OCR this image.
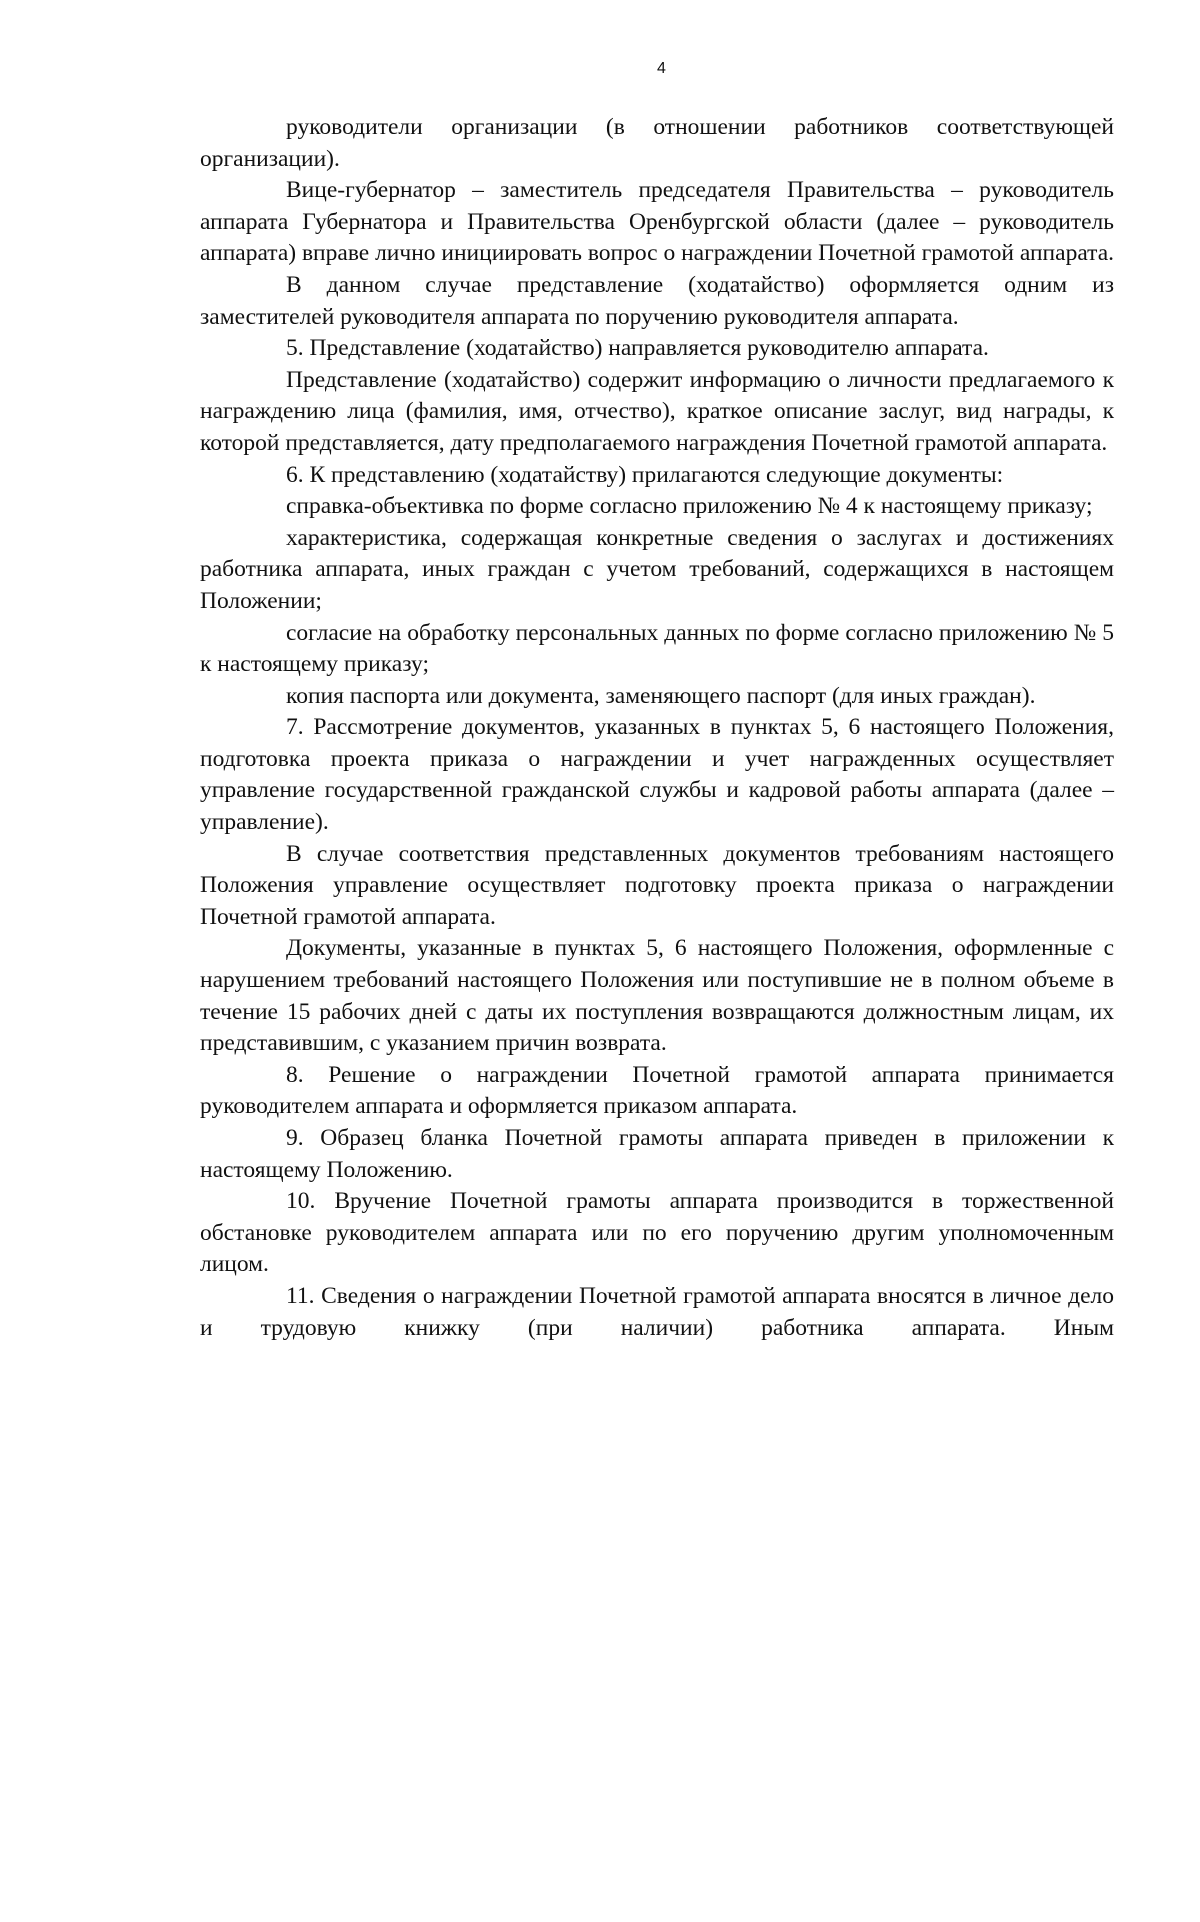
4

руководители организации (в отношении работников соответствующей организации).

Вице-губернатор – заместитель председателя Правительства – руководитель аппарата Губернатора и Правительства Оренбургской области (далее – руководитель аппарата) вправе лично инициировать вопрос о награждении Почетной грамотой аппарата.

В данном случае представление (ходатайство) оформляется одним из заместителей руководителя аппарата по поручению руководителя аппарата.

5. Представление (ходатайство) направляется руководителю аппарата.

Представление (ходатайство) содержит информацию о личности предлагаемого к награждению лица (фамилия, имя, отчество), краткое описание заслуг, вид награды, к которой представляется, дату предполагаемого награждения Почетной грамотой аппарата.

6. К представлению (ходатайству) прилагаются следующие документы:

справка-объективка по форме согласно приложению № 4 к настоящему приказу;

характеристика, содержащая конкретные сведения о заслугах и достижениях работника аппарата, иных граждан с учетом требований, содержащихся в настоящем Положении;

согласие на обработку персональных данных по форме согласно приложению № 5 к настоящему приказу;

копия паспорта или документа, заменяющего паспорт (для иных граждан).

7. Рассмотрение документов, указанных в пунктах 5, 6 настоящего Положения, подготовка проекта приказа о награждении и учет награжденных осуществляет управление государственной гражданской службы и кадровой работы аппарата (далее – управление).

В случае соответствия представленных документов требованиям настоящего Положения управление осуществляет подготовку проекта приказа о награждении Почетной грамотой аппарата.

Документы, указанные в пунктах 5, 6 настоящего Положения, оформленные с нарушением требований настоящего Положения или поступившие не в полном объеме в течение 15 рабочих дней с даты их поступления возвращаются должностным лицам, их представившим, с указанием причин возврата.

8. Решение о награждении Почетной грамотой аппарата принимается руководителем аппарата и оформляется приказом аппарата.

9. Образец бланка Почетной грамоты аппарата приведен в приложении к настоящему Положению.

10. Вручение Почетной грамоты аппарата производится в торжественной обстановке руководителем аппарата или по его поручению другим уполномоченным лицом.

11. Сведения о награждении Почетной грамотой аппарата вносятся в личное дело и трудовую книжку (при наличии) работника аппарата. Иным
